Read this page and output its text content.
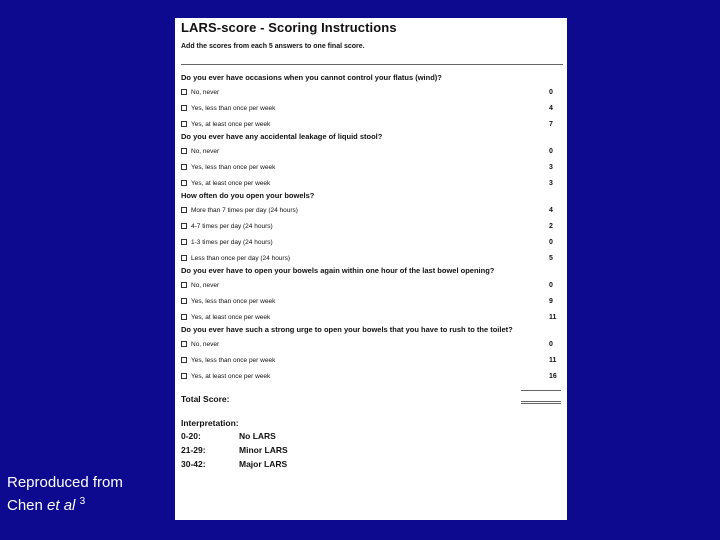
LARS-score - Scoring Instructions
Add the scores from each 5 answers to one final score.
Do you ever have occasions when you cannot control your flatus (wind)?
No, never	0
Yes, less than once per week	4
Yes, at least once per week	7
Do you ever have any accidental leakage of liquid stool?
No, never	0
Yes, less than once per week	3
Yes, at least once per week	3
How often do you open your bowels?
More than 7 times per day (24 hours)	4
4-7 times per day (24 hours)	2
1-3 times per day (24 hours)	0
Less than once per day (24 hours)	5
Do you ever have to open your bowels again within one hour of the last bowel opening?
No, never	0
Yes, less than once per week	9
Yes, at least once per week	11
Do you ever have such a strong urge to open your bowels that you have to rush to the toilet?
No, never	0
Yes, less than once per week	11
Yes, at least once per week	16
Total Score:
Interpretation:
0-20:	No LARS
21-29:	Minor LARS
30-42:	Major LARS
Reproduced from
Chen et al $^3$
